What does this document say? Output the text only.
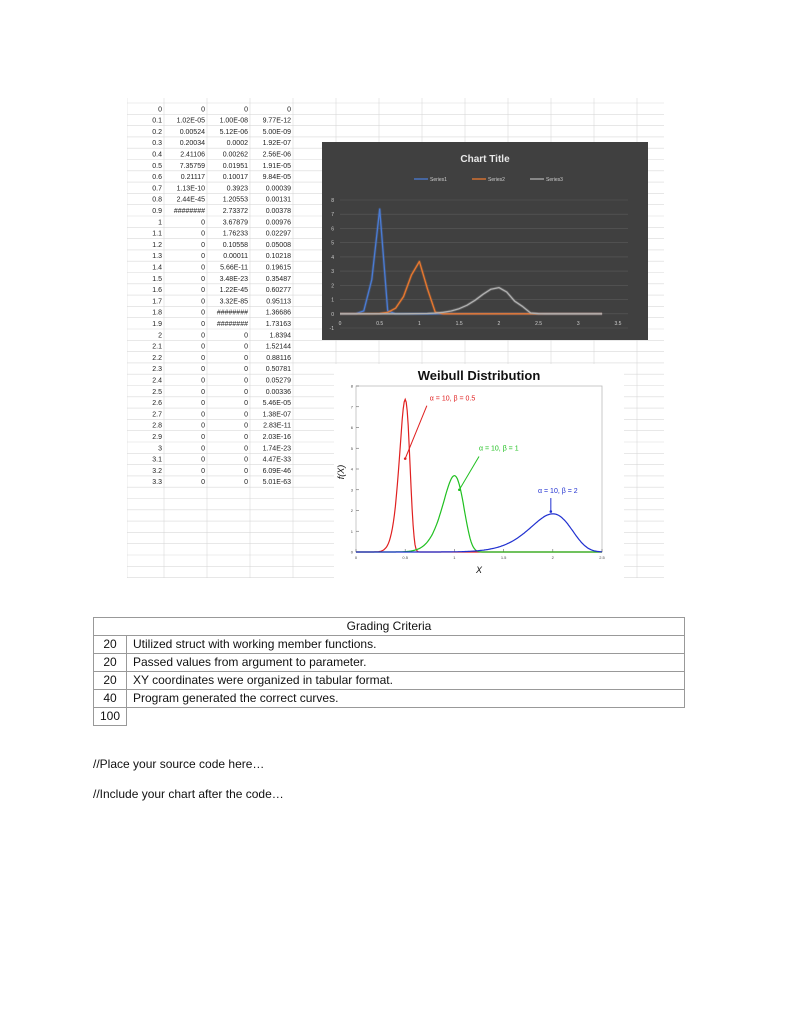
0	0	0	0
0.1 1.02E-05 1.00E-08 9.77E-12
0.2	0.00524 5.12E-06 5.00E-09
0.3	0.20034	0.0002 1.92E-07
0.4	2.41106	0.00262 2.56E-06
0.5	7.35759	0.01951 1.91E-05
0.6	0.21117	0.10017 9.84E-05
0.7 1.13E-10	0.3923	0.00039
0.8 2.44E-45	1.20553	0.00131
0.9 ########	2.73372	0.00378
1	0	3.67879	0.00976
1.1	0	1.76233	0.02297
1.2	0	0.10558	0.05008
1.3	0	0.00011	0.10218
1.4	0 5.66E-11	0.19615
1.5	0 3.48E-23	0.35487
1.6	0 1.22E-45	0.60277
1.7	0 3.32E-85	0.95113
1.8	0 ########	1.36686
1.9	0 ########	1.73163
2	0	0	1.8394
2.1	0	0	1.52144
2.2	0	0	0.88116
2.3	0	0	0.50781
2.4	0	0	0.05279
2.5	0	0	0.00336
2.6	0	0 5.46E-05
2.7	0	0 1.38E-07
2.8	0	0 2.83E-11
2.9	0	0 2.03E-16
3	0	0 1.74E-23
3.1	0	0 4.47E-33
3.2	0	0 6.09E-46
3.3	0	0 5.01E-63
Chart Title
Series1	Series2	Series3
-1
0
1
2
3
4
5
6
7
8
0	0.5	1	1.5	2	2.5	3	3.5
Weibull Distribution
X
f(X)
0
1
2
3
4
5
6
7
8
0	0.5	1	1.5	2	2.5
α = 10, β = 0.5
α = 10, β = 1
α = 10, β = 2
Grading Criteria	
20	Utilized struct with working member functions.
20	Passed values from argument to parameter.
20	XY coordinates were organized in tabular format.
40	Program generated the correct curves.
100	
//Place your source code here…
//Include your chart after the code…
